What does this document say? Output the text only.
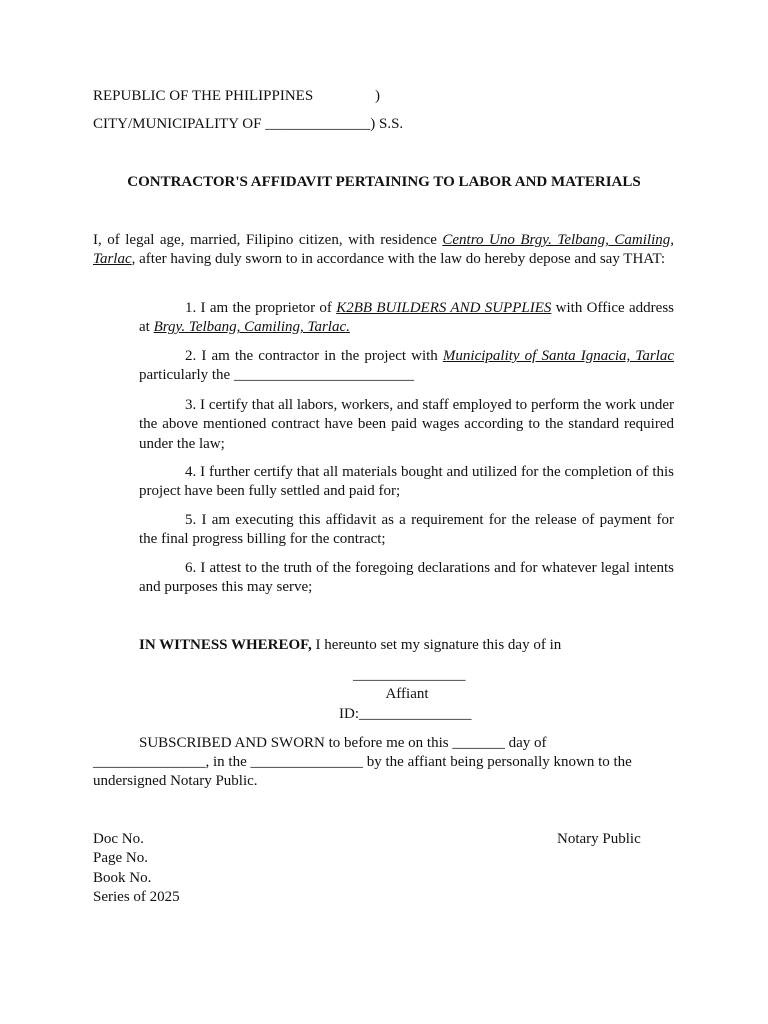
REPUBLIC OF THE PHILIPPINES	)
CITY/MUNICIPALITY OF ______________) S.S.
CONTRACTOR'S AFFIDAVIT PERTAINING TO LABOR AND MATERIALS
I, of legal age, married, Filipino citizen, with residence Centro Uno Brgy. Telbang, Camiling, Tarlac, after having duly sworn to in accordance with the law do hereby depose and say THAT:
1. I am the proprietor of K2BB BUILDERS AND SUPPLIES with Office address at Brgy. Telbang, Camiling, Tarlac.
2. I am the contractor in the project with Municipality of Santa Ignacia, Tarlac particularly the ________________________
3. I certify that all labors, workers, and staff employed to perform the work under the above mentioned contract have been paid wages according to the standard required under the law;
4. I further certify that all materials bought and utilized for the completion of this project have been fully settled and paid for;
5. I am executing this affidavit as a requirement for the release of payment for the final progress billing for the contract;
6. I attest to the truth of the foregoing declarations and for whatever legal intents and purposes this may serve;
IN WITNESS WHEREOF, I hereunto set my signature this day of in
_______________
Affiant
ID:_______________
SUBSCRIBED AND SWORN to before me on this _______ day of
_______________, in the _______________ by the affiant being personally known to the
undersigned Notary Public.
Doc No.	Notary Public
Page No.
Book No.
Series of 2025
